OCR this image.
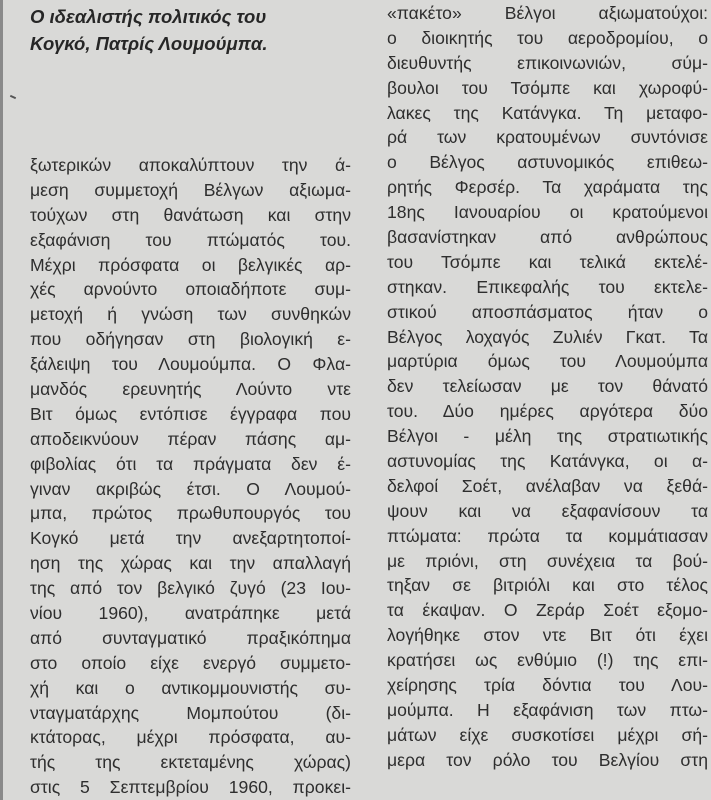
Ο ιδεαλιστής πολιτικός του
Κογκό, Πατρίς Λουμούμπα.
ξωτερικών αποκαλύπτουν την ά-
μεση συμμετοχή Βέλγων αξιωμα-
τούχων στη θανάτωση και στην
εξαφάνιση του πτώματός του.
Μέχρι πρόσφατα οι βελγικές αρ-
χές αρνούντο οποιαδήποτε συμ-
μετοχή ή γνώση των συνθηκών
που οδήγησαν στη βιολογική ε-
ξάλειψη του Λουμούμπα. Ο Φλα-
μανδός ερευνητής Λούντο ντε
Βιτ όμως εντόπισε έγγραφα που
αποδεικνύουν πέραν πάσης αμ-
φιβολίας ότι τα πράγματα δεν έ-
γιναν ακριβώς έτσι. Ο Λουμού-
μπα, πρώτος πρωθυπουργός του
Κογκό μετά την ανεξαρτητοποί-
ηση της χώρας και την απαλλαγή
της από τον βελγικό ζυγό (23 Ιου-
νίου 1960), ανατράπηκε μετά
από συνταγματικό πραξικόπημα
στο οποίο είχε ενεργό συμμετο-
χή και ο αντικομμουνιστής συ-
νταγματάρχης Μομπούτου (δι-
κτάτορας, μέχρι πρόσφατα, αυ-
τής της εκτεταμένης χώρας)
στις 5 Σεπτεμβρίου 1960, προκει-
«πακέτο» Βέλγοι αξιωματούχοι:
ο διοικητής του αεροδρομίου, ο
διευθυντής επικοινωνιών, σύμ-
βουλοι του Τσόμπε και χωροφύ-
λακες της Κατάνγκα. Τη μεταφο-
ρά των κρατουμένων συντόνισε
ο Βέλγος αστυνομικός επιθεω-
ρητής Φερσέρ. Τα χαράματα της
18ης Ιανουαρίου οι κρατούμενοι
βασανίστηκαν από ανθρώπους
του Τσόμπε και τελικά εκτελέ-
στηκαν. Επικεφαλής του εκτελε-
στικού αποσπάσματος ήταν ο
Βέλγος λοχαγός Ζυλιέν Γκατ. Τα
μαρτύρια όμως του Λουμούμπα
δεν τελείωσαν με τον θάνατό
του. Δύο ημέρες αργότερα δύο
Βέλγοι - μέλη της στρατιωτικής
αστυνομίας της Κατάνγκα, οι α-
δελφοί Σοέτ, ανέλαβαν να ξεθά-
ψουν και να εξαφανίσουν τα
πτώματα: πρώτα τα κομμάτιασαν
με πριόνι, στη συνέχεια τα βού-
τηξαν σε βιτριόλι και στο τέλος
τα έκαψαν. Ο Ζεράρ Σοέτ εξομο-
λογήθηκε στον ντε Βιτ ότι έχει
κρατήσει ως ενθύμιο (!) της επι-
χείρησης τρία δόντια του Λου-
μούμπα. Η εξαφάνιση των πτω-
μάτων είχε συσκοτίσει μέχρι σή-
μερα τον ρόλο του Βελγίου στη
